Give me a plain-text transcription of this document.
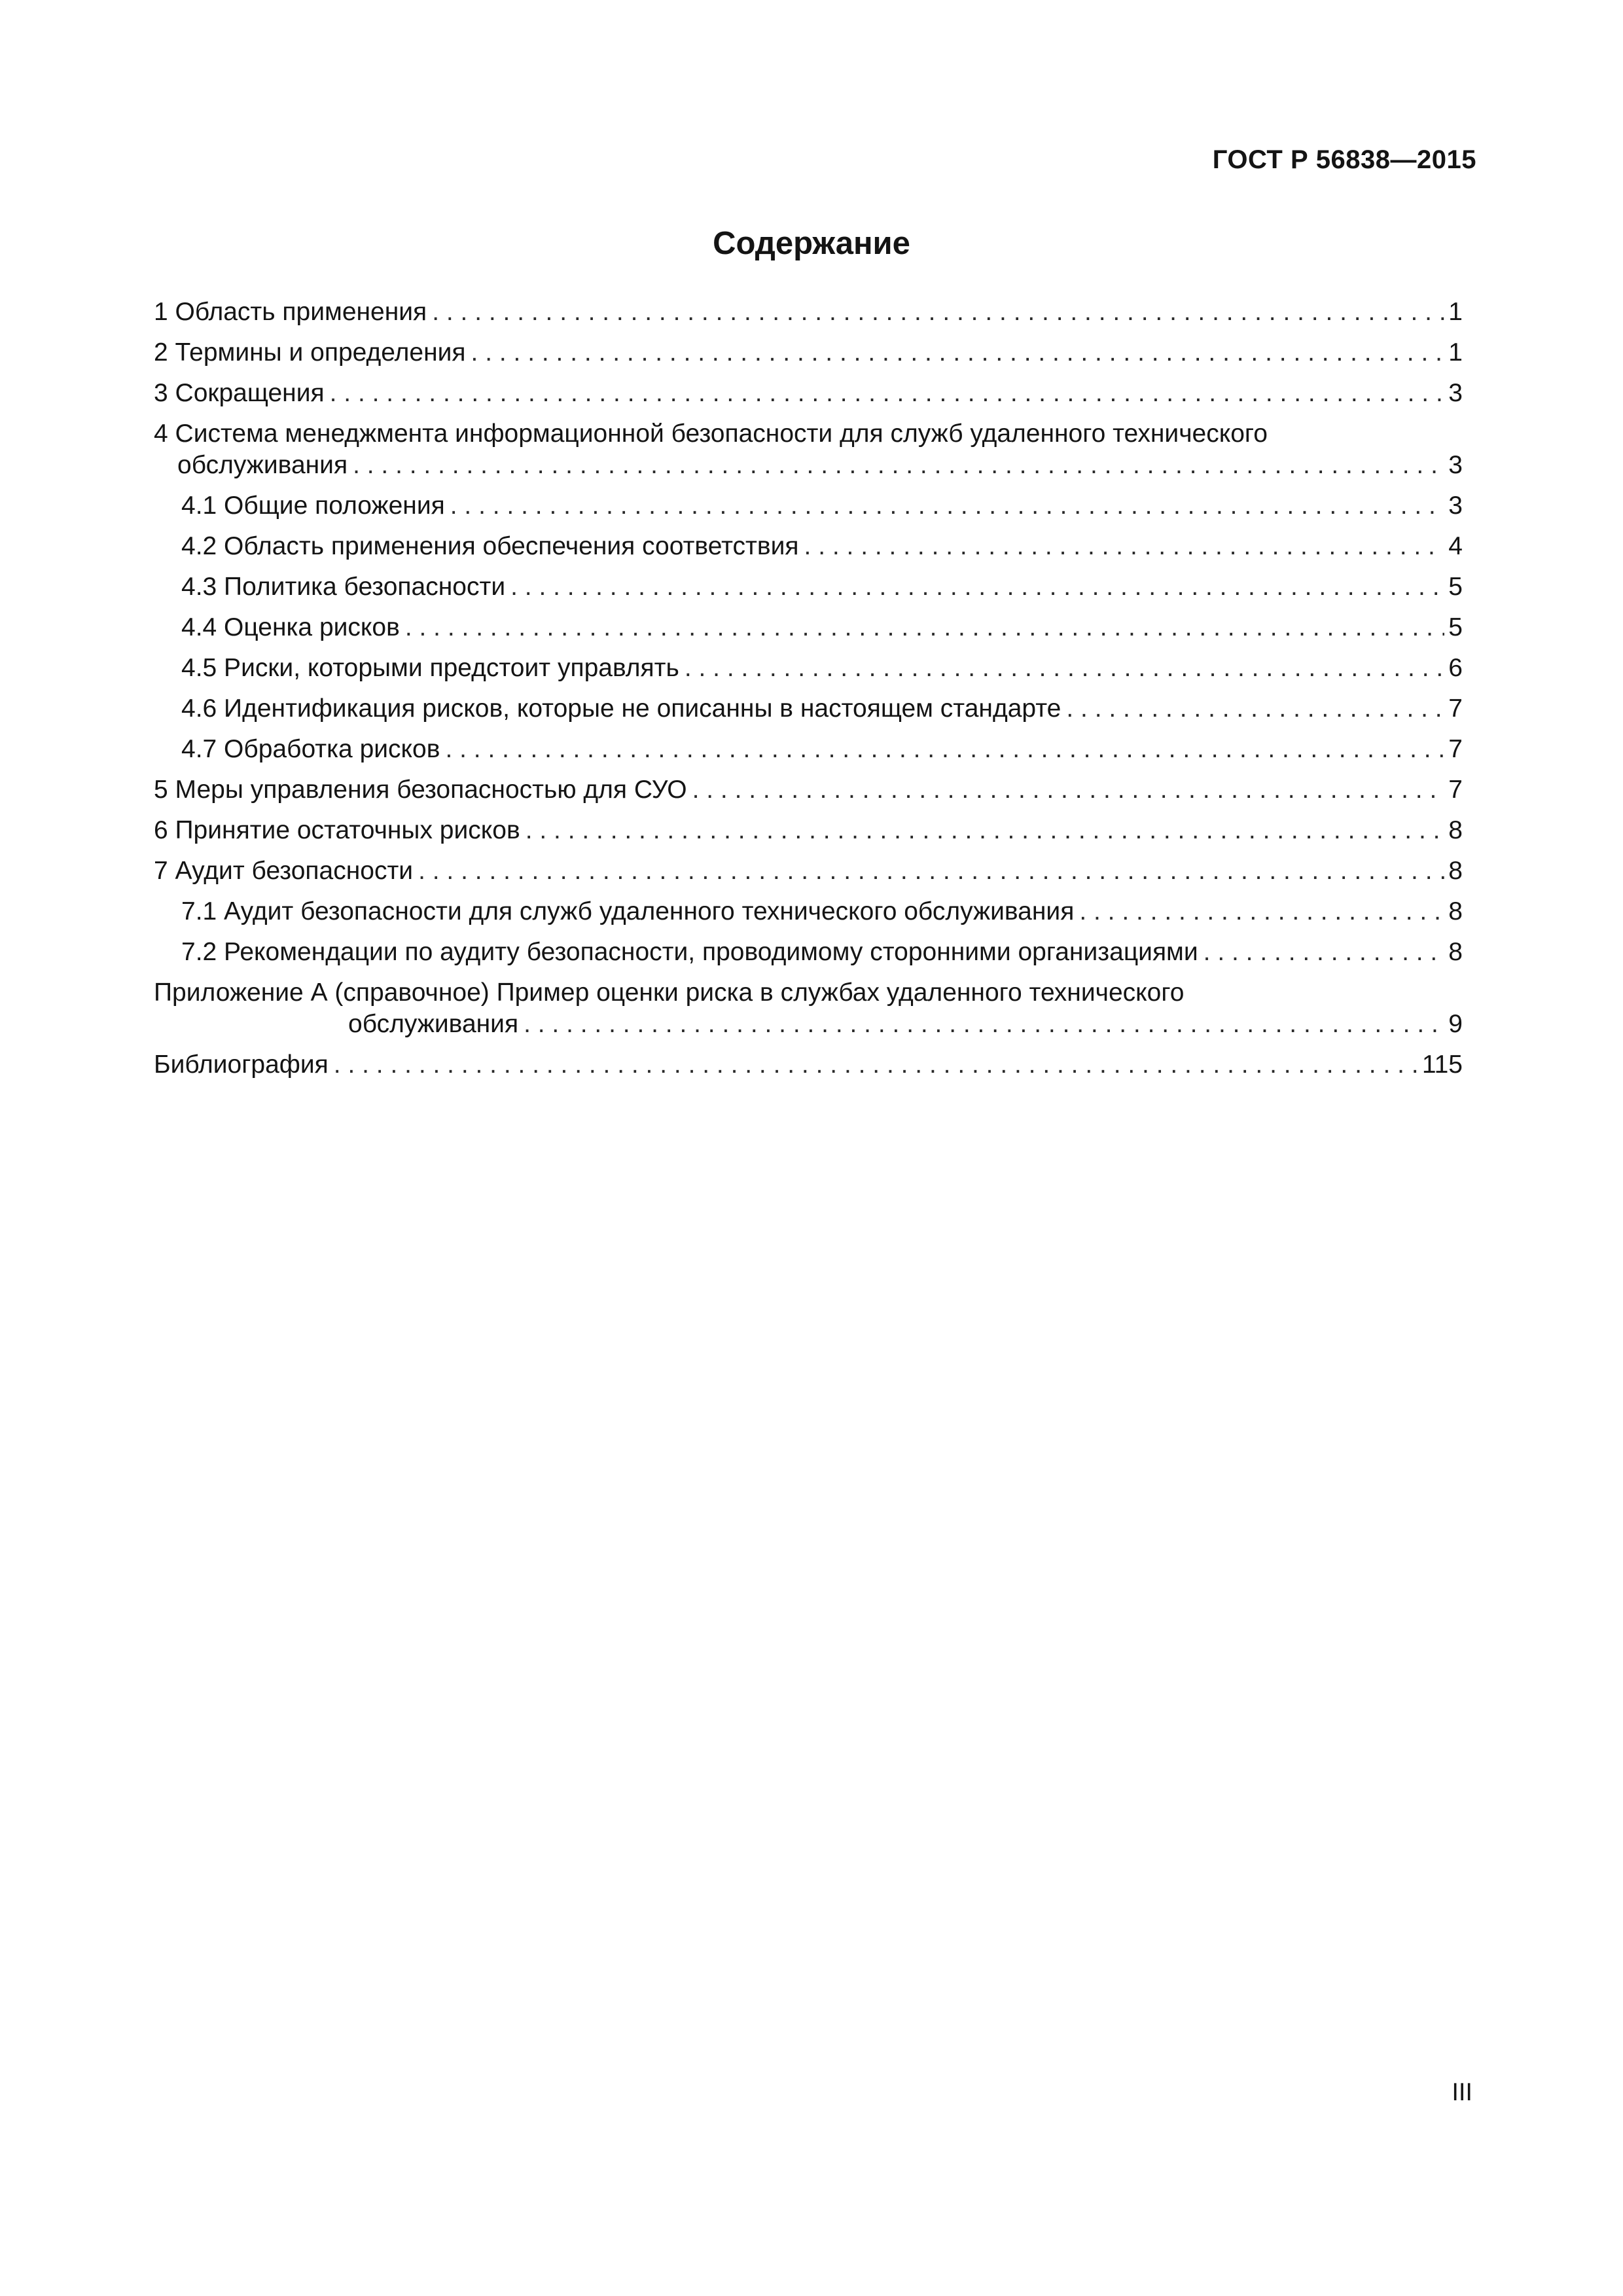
ГОСТ Р 56838—2015

Содержание
1 Область применения . . .	1
2 Термины и определения . . .	1
3 Сокращения . . .	3
4 Система менеджмента информационной безопасности для служб удаленного технического
обслуживания . . .	3
4.1 Общие положения . . .	3
4.2 Область применения обеспечения соответствия . . .	4
4.3 Политика безопасности . . .	5
4.4 Оценка рисков . . .	5
4.5 Риски, которыми предстоит управлять . . .	6
4.6 Идентификация рисков, которые не описанны в настоящем стандарте . . .	7
4.7 Обработка рисков . . .	7
5 Меры управления безопасностью для СУО . . .	7
6 Принятие остаточных рисков . . .	8
7 Аудит безопасности . . .	8
7.1 Аудит безопасности для служб удаленного технического обслуживания . . .	8
7.2 Рекомендации по аудиту безопасности, проводимому сторонними организациями . . .	8
Приложение А (справочное) Пример оценки риска в службах удаленного технического
обслуживания . . .	9
Библиография . . .	115

III
